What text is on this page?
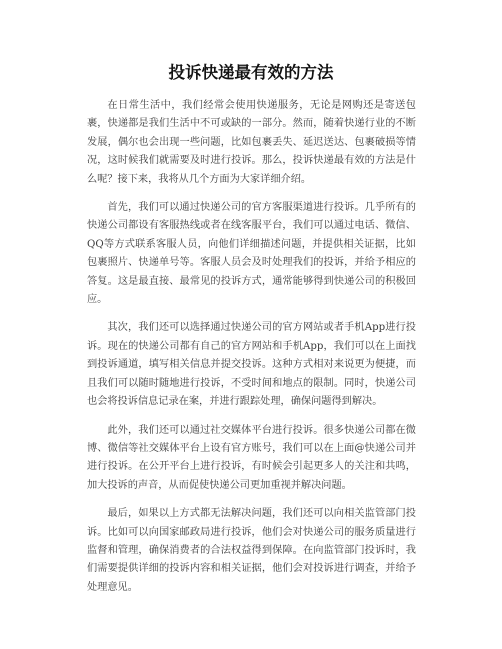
投诉快递最有效的方法

在日常生活中，我们经常会使用快递服务，无论是网购还是寄送包裹，快递都是我们生活中不可或缺的一部分。然而，随着快递行业的不断发展，偶尔也会出现一些问题，比如包裹丢失、延迟送达、包裹破损等情况，这时候我们就需要及时进行投诉。那么，投诉快递最有效的方法是什么呢？接下来，我将从几个方面为大家详细介绍。

首先，我们可以通过快递公司的官方客服渠道进行投诉。几乎所有的快递公司都设有客服热线或者在线客服平台，我们可以通过电话、微信、QQ等方式联系客服人员，向他们详细描述问题，并提供相关证据，比如包裹照片、快递单号等。客服人员会及时处理我们的投诉，并给予相应的答复。这是最直接、最常见的投诉方式，通常能够得到快递公司的积极回应。

其次，我们还可以选择通过快递公司的官方网站或者手机App进行投诉。现在的快递公司都有自己的官方网站和手机App，我们可以在上面找到投诉通道，填写相关信息并提交投诉。这种方式相对来说更为便捷，而且我们可以随时随地进行投诉，不受时间和地点的限制。同时，快递公司也会将投诉信息记录在案，并进行跟踪处理，确保问题得到解决。

此外，我们还可以通过社交媒体平台进行投诉。很多快递公司都在微博、微信等社交媒体平台上设有官方账号，我们可以在上面@快递公司并进行投诉。在公开平台上进行投诉，有时候会引起更多人的关注和共鸣，加大投诉的声音，从而促使快递公司更加重视并解决问题。

最后，如果以上方式都无法解决问题，我们还可以向相关监管部门投诉。比如可以向国家邮政局进行投诉，他们会对快递公司的服务质量进行监督和管理，确保消费者的合法权益得到保障。在向监管部门投诉时，我们需要提供详细的投诉内容和相关证据，他们会对投诉进行调查，并给予处理意见。
